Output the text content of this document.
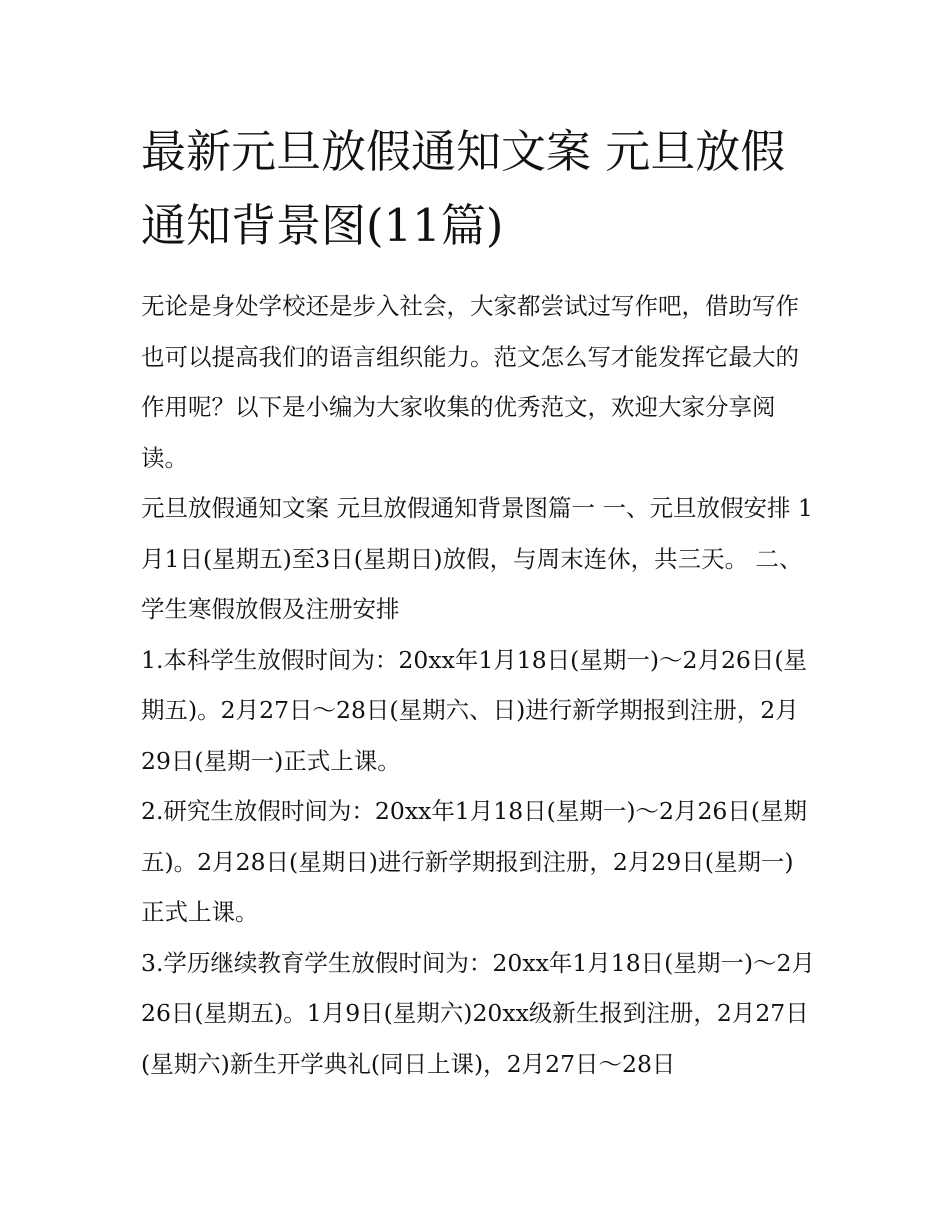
最新元旦放假通知文案 元旦放假通知背景图(11篇)

无论是身处学校还是步入社会，大家都尝试过写作吧，借助写作也可以提高我们的语言组织能力。范文怎么写才能发挥它最大的作用呢？以下是小编为大家收集的优秀范文，欢迎大家分享阅读。

元旦放假通知文案 元旦放假通知背景图篇一 一、元旦放假安排 1月1日(星期五)至3日(星期日)放假，与周末连休，共三天。 二、学生寒假放假及注册安排

1.本科学生放假时间为：20xx年1月18日(星期一)～2月26日(星期五)。2月27日～28日(星期六、日)进行新学期报到注册，2月29日(星期一)正式上课。

2.研究生放假时间为：20xx年1月18日(星期一)～2月26日(星期五)。2月28日(星期日)进行新学期报到注册，2月29日(星期一)正式上课。

3.学历继续教育学生放假时间为：20xx年1月18日(星期一)～2月26日(星期五)。1月9日(星期六)20xx级新生报到注册，2月27日(星期六)新生开学典礼(同日上课)，2月27日～28日
